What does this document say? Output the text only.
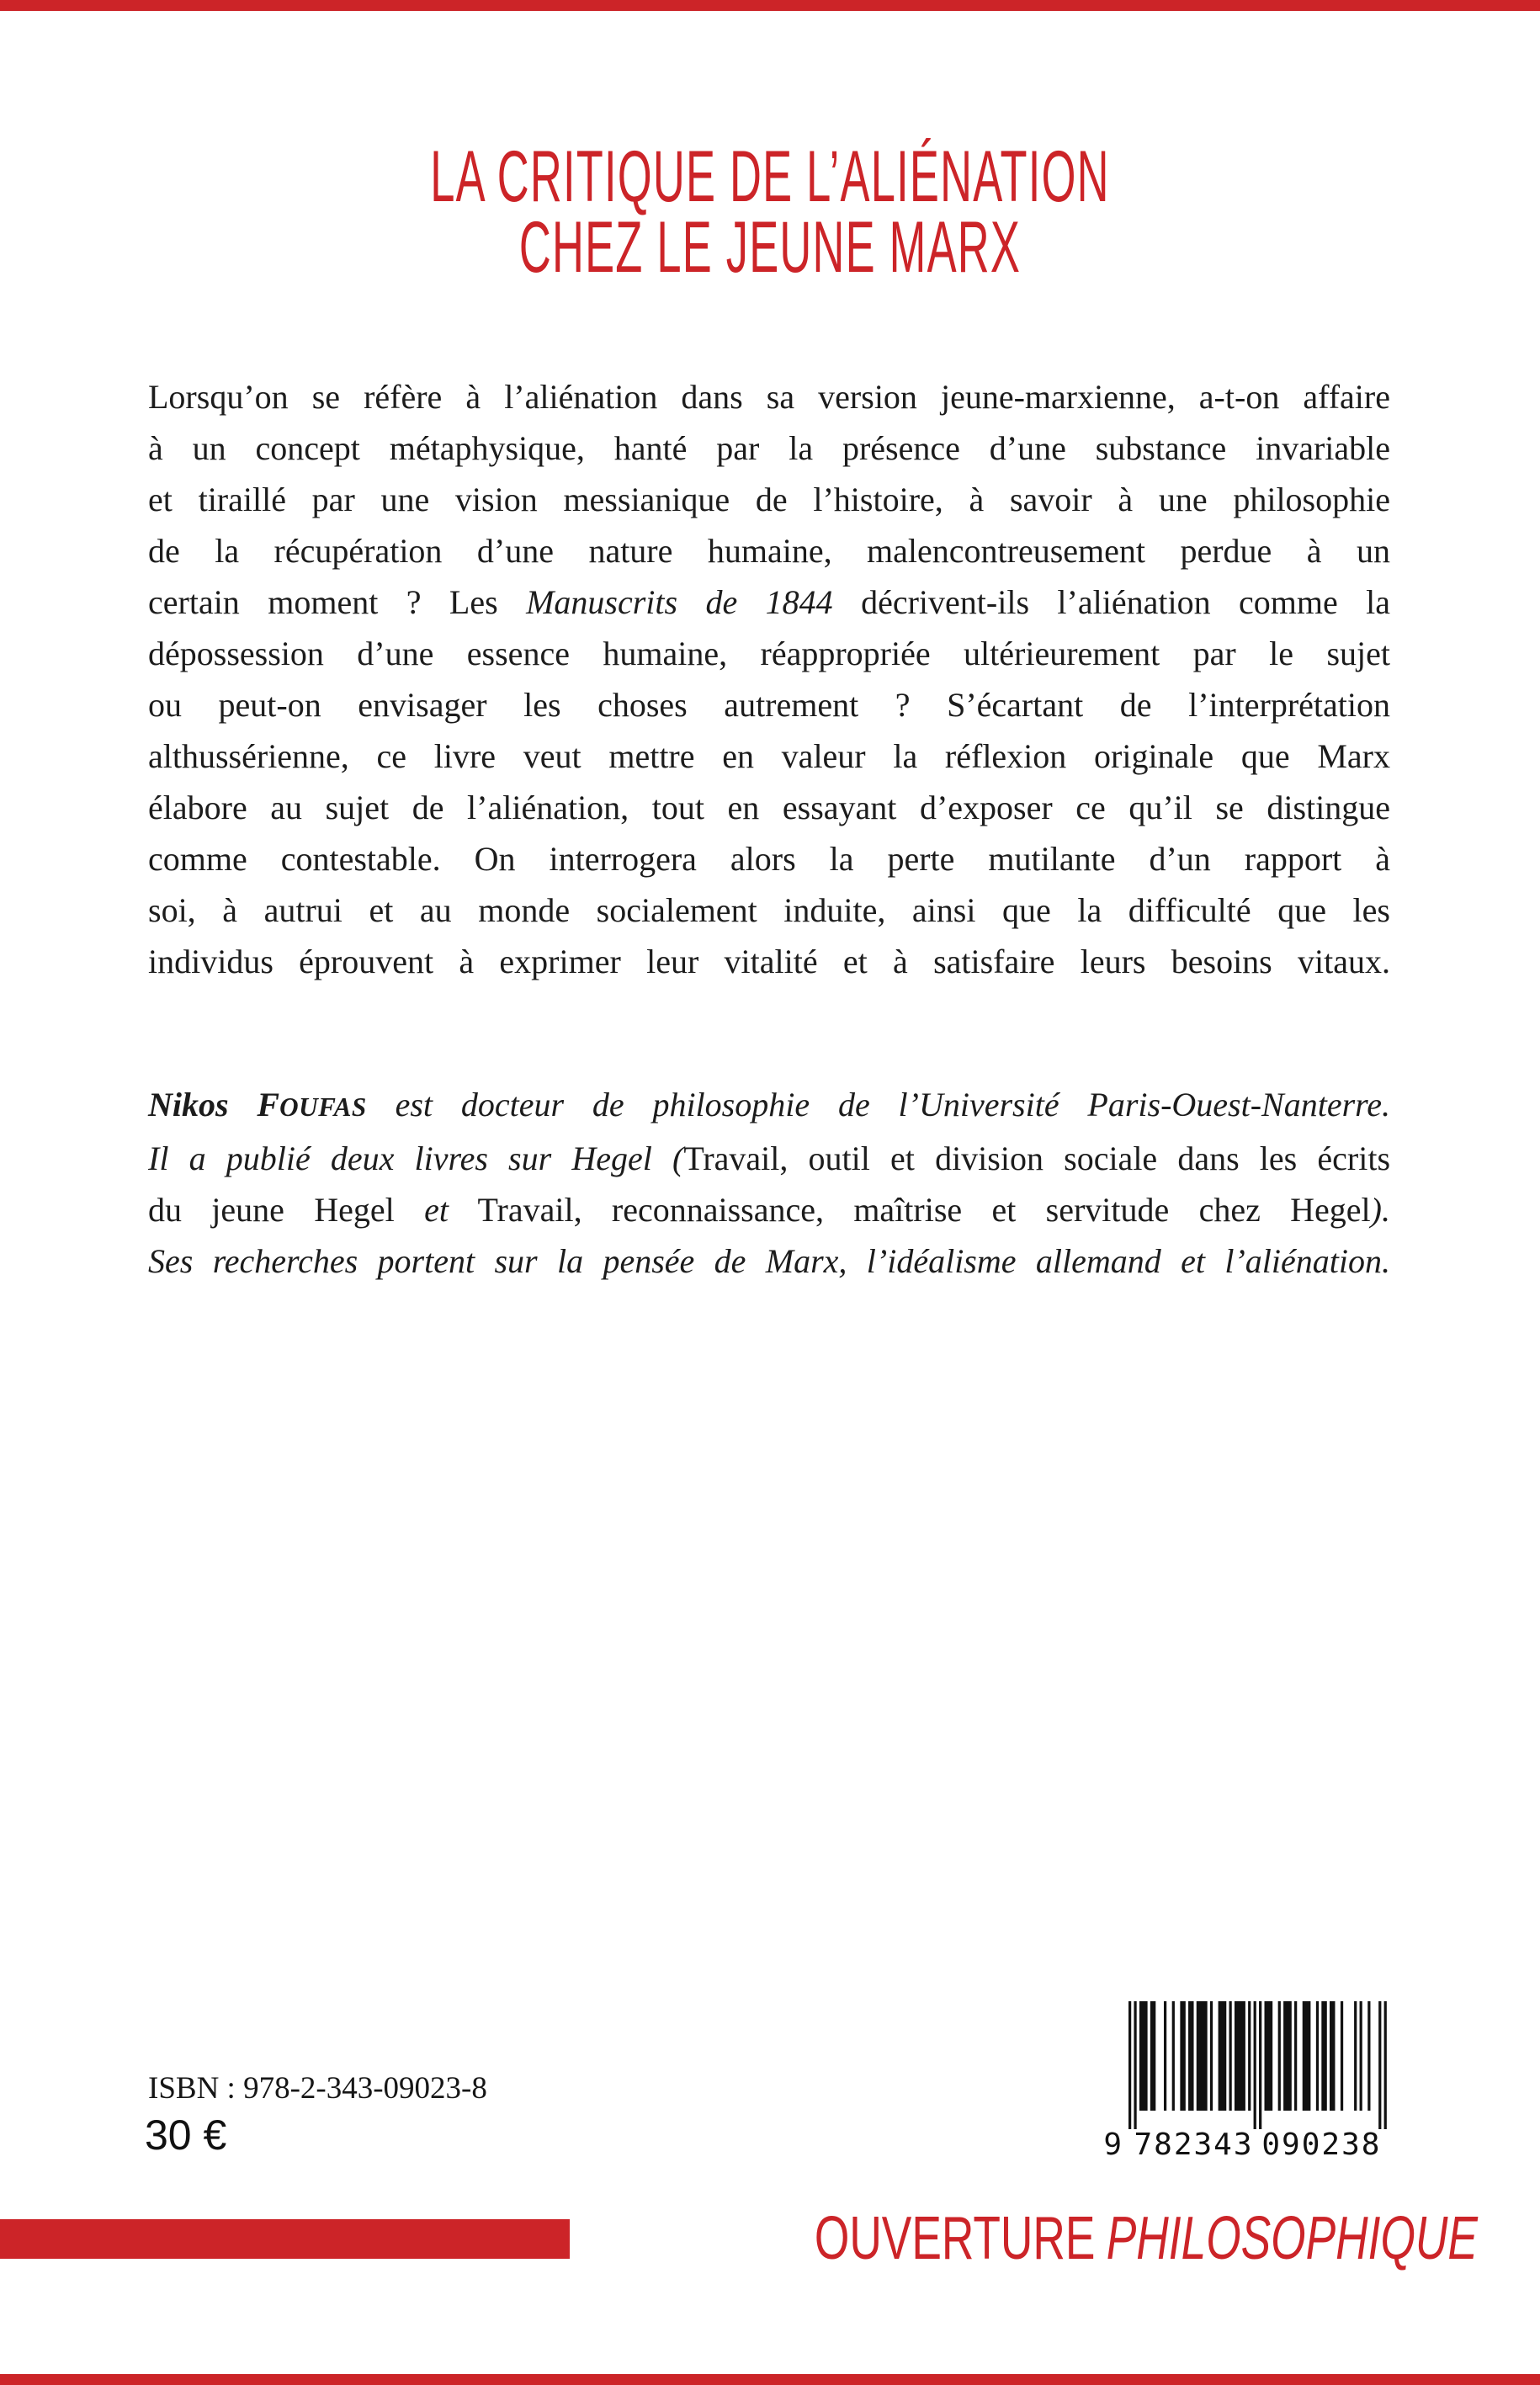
LA CRITIQUE DE L’ALIÉNATION
CHEZ LE JEUNE MARX
Lorsqu’on se réfère à l’aliénation dans sa version jeune-marxienne, a-t-on affaire
à un concept métaphysique, hanté par la présence d’une substance invariable
et tiraillé par une vision messianique de l’histoire, à savoir à une philosophie
de la récupération d’une nature humaine, malencontreusement perdue à un
certain moment ? Les Manuscrits de 1844 décrivent-ils l’aliénation comme la
dépossession d’une essence humaine, réappropriée ultérieurement par le sujet
ou peut-on envisager les choses autrement ? S’écartant de l’interprétation
althussérienne, ce livre veut mettre en valeur la réflexion originale que Marx
élabore au sujet de l’aliénation, tout en essayant d’exposer ce qu’il se distingue
comme contestable. On interrogera alors la perte mutilante d’un rapport à
soi, à autrui et au monde socialement induite, ainsi que la difficulté que les
individus éprouvent à exprimer leur vitalité et à satisfaire leurs besoins vitaux.
Nikos FOUFAS est docteur de philosophie de l’Université Paris-Ouest-Nanterre.
Il a publié deux livres sur Hegel (Travail, outil et division sociale dans les écrits
du jeune Hegel et Travail, reconnaissance, maîtrise et servitude chez Hegel).
Ses recherches portent sur la pensée de Marx, l’idéalisme allemand et l’aliénation.
ISBN : 978-2-343-09023-8
30 €	9 782343 090238
OUVERTURE PHILOSOPHIQUE
